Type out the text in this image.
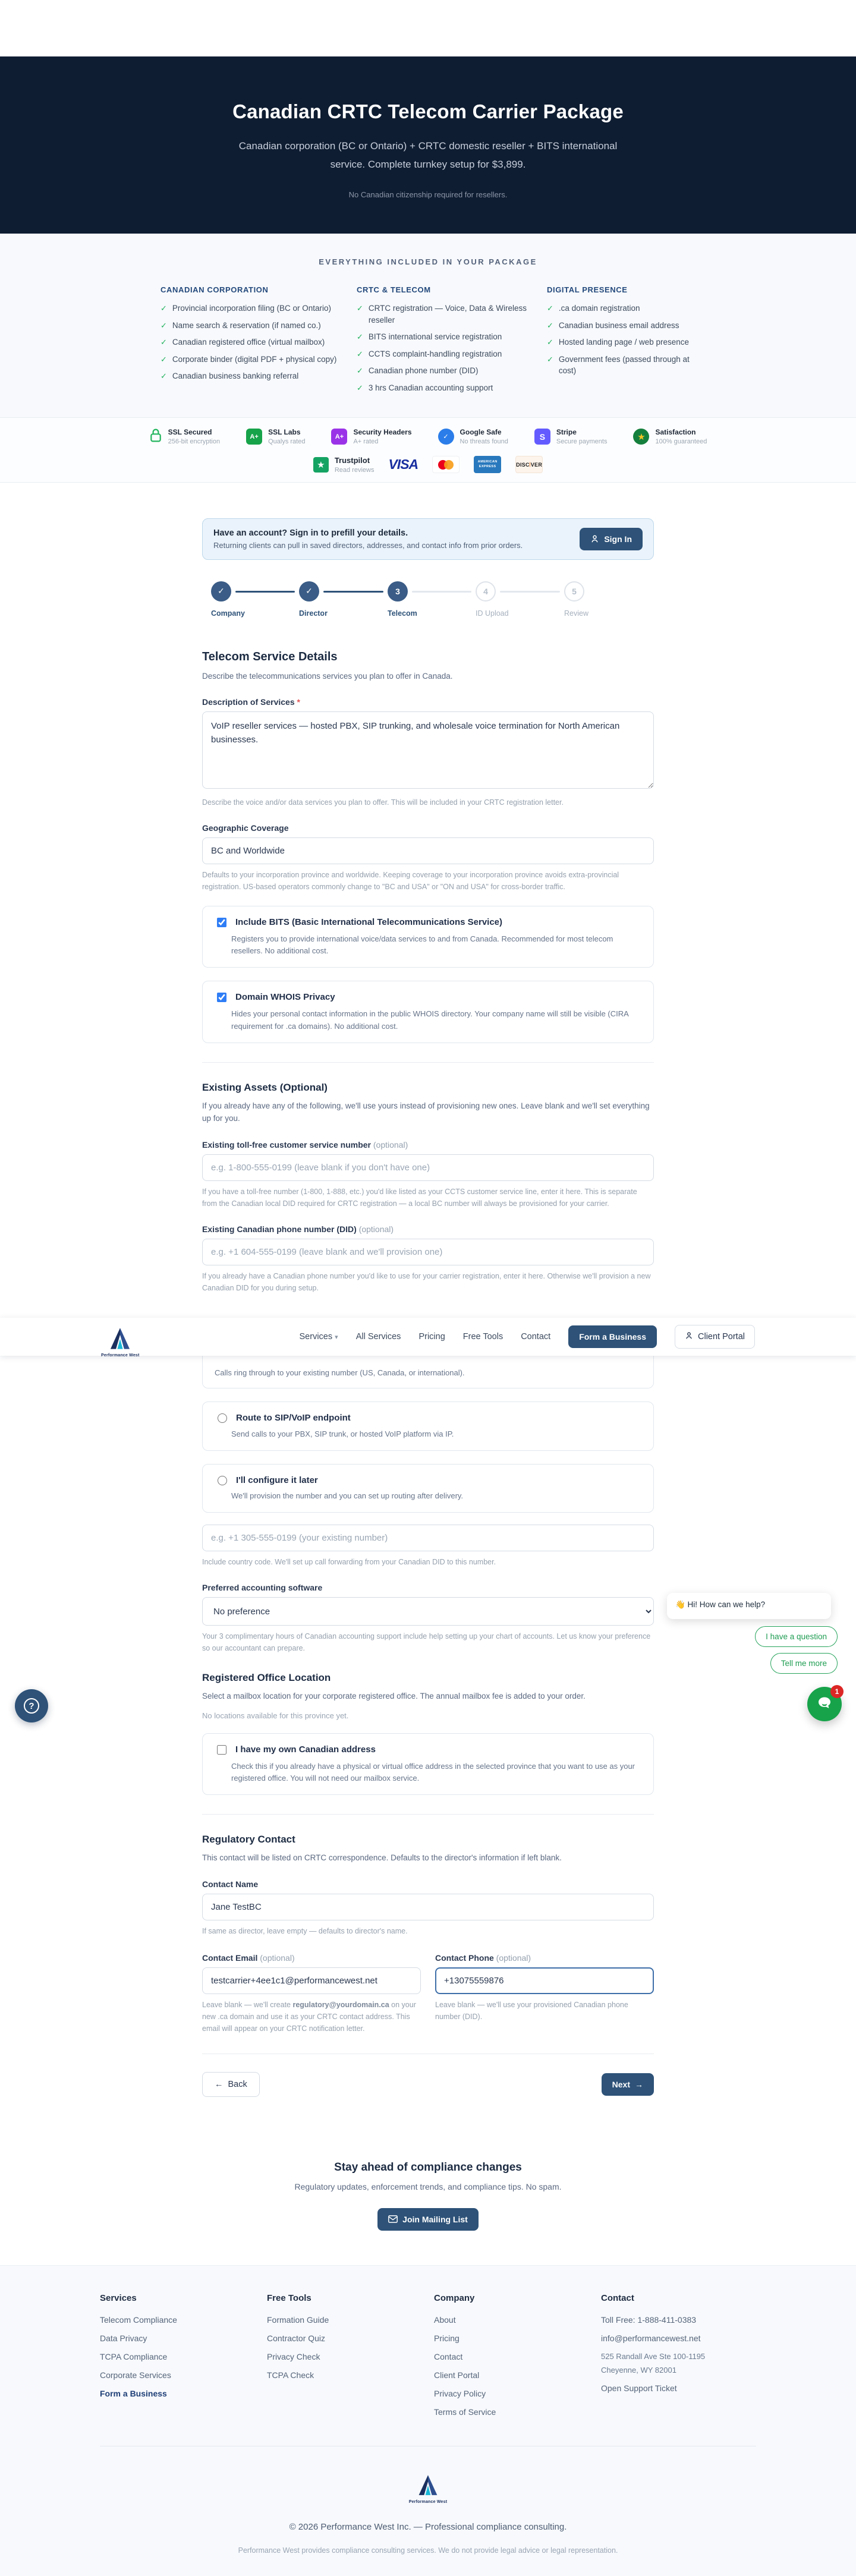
Canadian CRTC Telecom Carrier Package
Canadian corporation (BC or Ontario) + CRTC domestic reseller + BITS international service. Complete turnkey setup for $3,899.
No Canadian citizenship required for resellers.
EVERYTHING INCLUDED IN YOUR PACKAGE
CANADIAN CORPORATION
✓ Provincial incorporation filing (BC or Ontario)
✓ Name search & reservation (if named co.)
✓ Canadian registered office (virtual mailbox)
✓ Corporate binder (digital PDF + physical copy)
✓ Canadian business banking referral
CRTC & TELECOM
✓ CRTC registration — Voice, Data & Wireless reseller
✓ BITS international service registration
✓ CCTS complaint-handling registration
✓ Canadian phone number (DID)
✓ 3 hrs Canadian accounting support
DIGITAL PRESENCE
✓ .ca domain registration
✓ Canadian business email address
✓ Hosted landing page / web presence
✓ Government fees (passed through at cost)
SSL Secured
256-bit encryption
A+
SSL Labs
Qualys rated
A+
Security Headers
A+ rated
✓
Google Safe
No threats found
S	Stripe
Secure payments	★	Satisfaction
100% guaranteed
★	Trustpilot
Read reviews VISA	AMERICAN EXPRESS	DISC VER
Have an account? Sign in to prefill your details.
Returning clients can pull in saved directors, addresses, and contact info from prior orders.
Sign In
✓	✓	3	4	5
Company	Director	Telecom	ID Upload	Review
Telecom Service Details

Describe the telecommunications services you plan to offer in Canada.

Description of Services *
VoIP reseller services — hosted PBX, SIP trunking, and wholesale voice termination for North American businesses.
Describe the voice and/or data services you plan to offer. This will be included in your CRTC registration letter.
Geographic Coverage
BC and Worldwide
Defaults to your incorporation province and worldwide. Keeping coverage to your incorporation province avoids extra-provincial registration. US-based operators commonly change to "BC and USA" or "ON and USA" for cross-border traffic.
Include BITS (Basic International Telecommunications Service)
Registers you to provide international voice/data services to and from Canada. Recommended for most telecom resellers. No additional cost.
Domain WHOIS Privacy
Hides your personal contact information in the public WHOIS directory. Your company name will still be visible (CIRA requirement for .ca domains). No additional cost.
Existing Assets (Optional)

If you already have any of the following, we'll use yours instead of provisioning new ones. Leave blank and we'll set everything up for you.

Existing toll-free customer service number (optional)
e.g. 1-800-555-0199 (leave blank if you don't have one)
If you have a toll-free number (1-800, 1-888, etc.) you'd like listed as your CCTS customer service line, enter it here. This is separate from the Canadian local DID required for CRTC registration — a local BC number will always be provisioned for your carrier.
Existing Canadian phone number (DID) (optional)
e.g. +1 604-555-0199 (leave blank and we'll provision one)
If you already have a Canadian phone number you'd like to use for your carrier registration, enter it here. Otherwise we'll provision a new Canadian DID for you during setup.
Performance West
Services ▾ All Services Pricing Free Tools Contact	Form a Business	Client Portal
Calls ring through to your existing number (US, Canada, or international).
Route to SIP/VoIP endpoint
Send calls to your PBX, SIP trunk, or hosted VoIP platform via IP.
I'll configure it later
We'll provision the number and you can set up routing after delivery.
e.g. +1 305-555-0199 (your existing number)
Include country code. We'll set up call forwarding from your Canadian DID to this number.
Preferred accounting software
No preference
Your 3 complimentary hours of Canadian accounting support include help setting up your chart of accounts. Let us know your preference so our accountant can prepare.
Registered Office Location

Select a mailbox location for your corporate registered office. The annual mailbox fee is added to your order.

No locations available for this province yet.
I have my own Canadian address
Check this if you already have a physical or virtual office address in the selected province that you want to use as your registered office. You will not need our mailbox service.
Regulatory Contact

This contact will be listed on CRTC correspondence. Defaults to the director's information if left blank.

Contact Name
Jane TestBC
If same as director, leave empty — defaults to director's name.
Contact Email (optional)
testcarrier+4ee1c1@performancewest.net
Leave blank — we'll create regulatory@yourdomain.ca on your new .ca domain and use it as your CRTC contact address. This email will appear on your CRTC notification letter.
Contact Phone (optional)
+13075559876
Leave blank — we'll use your provisioned Canadian phone number (DID).
← Back	Next →
Stay ahead of compliance changes
Regulatory updates, enforcement trends, and compliance tips. No spam.
Join Mailing List
Services
Telecom Compliance
Data Privacy
TCPA Compliance
Corporate Services
Form a Business
Free Tools
Formation Guide
Contractor Quiz
Privacy Check
TCPA Check
Company
About
Pricing
Contact
Client Portal
Privacy Policy
Terms of Service
Contact
Toll Free: 1-888-411-0383
info@performancewest.net
525 Randall Ave Ste 100-1195
Cheyenne, WY 82001
Open Support Ticket
Performance West
© 2026 Performance West Inc. — Professional compliance consulting.
Performance West provides compliance consulting services. We do not provide legal advice or legal representation.
?
👋 Hi! How can we help?
I have a question
Tell me more
1
